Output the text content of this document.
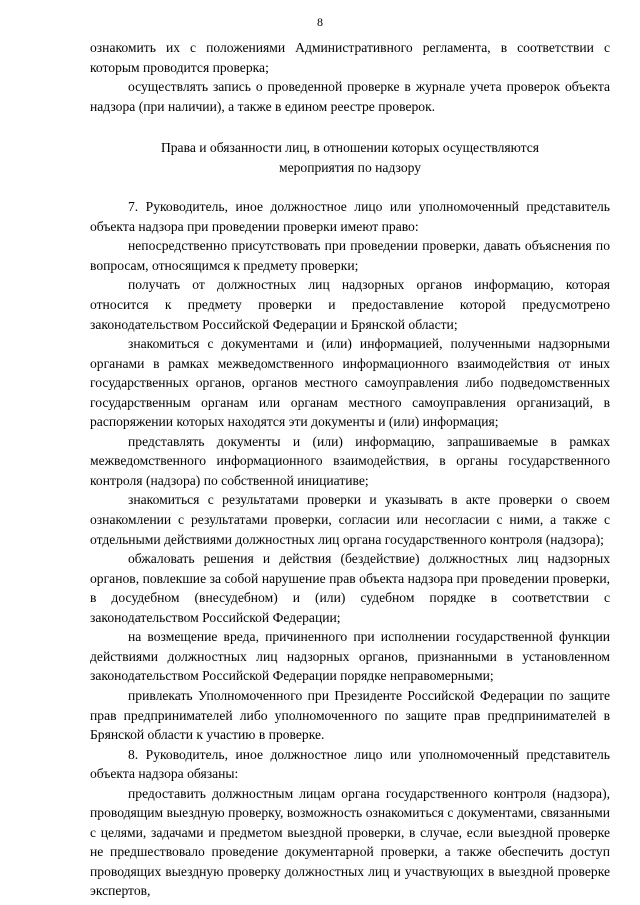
8

ознакомить их с положениями Административного регламента, в соответствии с которым проводится проверка;

осуществлять запись о проведенной проверке в журнале учета проверок объекта надзора (при наличии), а также в едином реестре проверок.

Права и обязанности лиц, в отношении которых осуществляются мероприятия по надзору

7. Руководитель, иное должностное лицо или уполномоченный представитель объекта надзора при проведении проверки имеют право:

непосредственно присутствовать при проведении проверки, давать объяснения по вопросам, относящимся к предмету проверки;

получать от должностных лиц надзорных органов информацию, которая относится к предмету проверки и предоставление которой предусмотрено законодательством Российской Федерации и Брянской области;

знакомиться с документами и (или) информацией, полученными надзорными органами в рамках межведомственного информационного взаимодействия от иных государственных органов, органов местного самоуправления либо подведомственных государственным органам или органам местного самоуправления организаций, в распоряжении которых находятся эти документы и (или) информация;

представлять документы и (или) информацию, запрашиваемые в рамках межведомственного информационного взаимодействия, в органы государственного контроля (надзора) по собственной инициативе;

знакомиться с результатами проверки и указывать в акте проверки о своем ознакомлении с результатами проверки, согласии или несогласии с ними, а также с отдельными действиями должностных лиц органа государственного контроля (надзора);

обжаловать решения и действия (бездействие) должностных лиц надзорных органов, повлекшие за собой нарушение прав объекта надзора при проведении проверки, в досудебном (внесудебном) и (или) судебном порядке в соответствии с законодательством Российской Федерации;

на возмещение вреда, причиненного при исполнении государственной функции действиями должностных лиц надзорных органов, признанными в установленном законодательством Российской Федерации порядке неправомерными;

привлекать Уполномоченного при Президенте Российской Федерации по защите прав предпринимателей либо уполномоченного по защите прав предпринимателей в Брянской области к участию в проверке.

8. Руководитель, иное должностное лицо или уполномоченный представитель объекта надзора обязаны:

предоставить должностным лицам органа государственного контроля (надзора), проводящим выездную проверку, возможность ознакомиться с документами, связанными с целями, задачами и предметом выездной проверки, в случае, если выездной проверке не предшествовало проведение документарной проверки, а также обеспечить доступ проводящих выездную проверку должностных лиц и участвующих в выездной проверке экспертов,
